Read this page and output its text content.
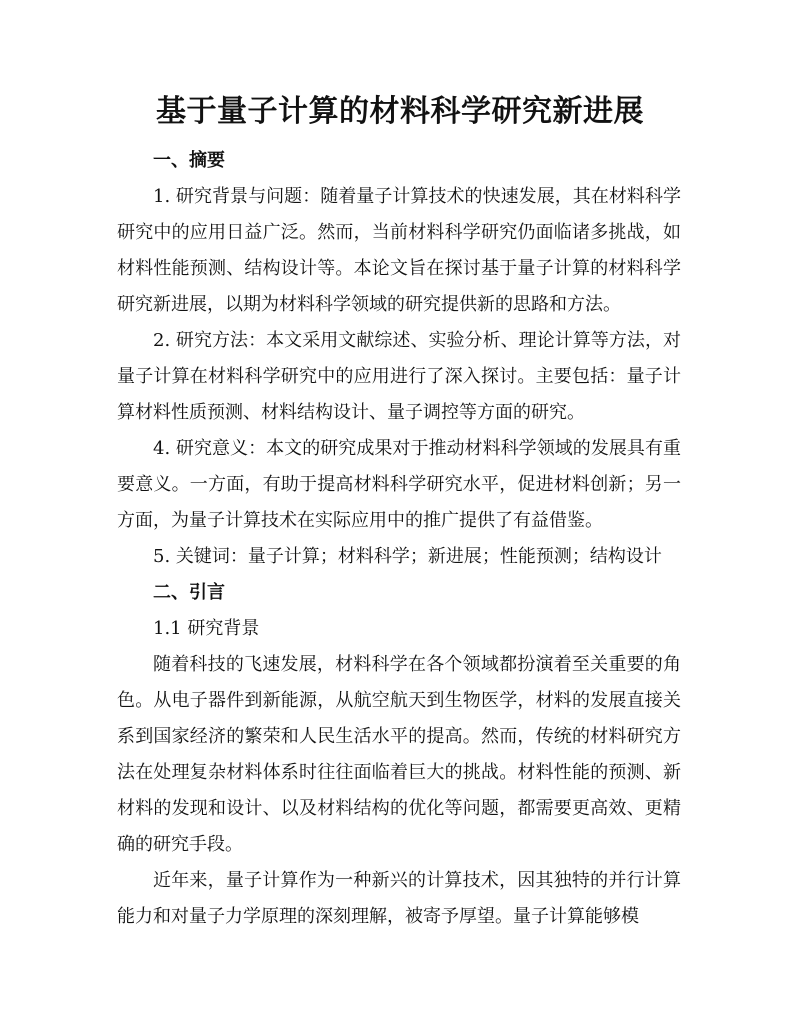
基于量子计算的材料科学研究新进展

一、摘要

1. 研究背景与问题：随着量子计算技术的快速发展，其在材料科学研究中的应用日益广泛。然而，当前材料科学研究仍面临诸多挑战，如材料性能预测、结构设计等。本论文旨在探讨基于量子计算的材料科学研究新进展，以期为材料科学领域的研究提供新的思路和方法。

2. 研究方法：本文采用文献综述、实验分析、理论计算等方法，对量子计算在材料科学研究中的应用进行了深入探讨。主要包括：量子计算材料性质预测、材料结构设计、量子调控等方面的研究。

4. 研究意义：本文的研究成果对于推动材料科学领域的发展具有重要意义。一方面，有助于提高材料科学研究水平，促进材料创新；另一方面，为量子计算技术在实际应用中的推广提供了有益借鉴。

5. 关键词：量子计算；材料科学；新进展；性能预测；结构设计

二、引言

1.1 研究背景

随着科技的飞速发展，材料科学在各个领域都扮演着至关重要的角色。从电子器件到新能源，从航空航天到生物医学，材料的发展直接关系到国家经济的繁荣和人民生活水平的提高。然而，传统的材料研究方法在处理复杂材料体系时往往面临着巨大的挑战。材料性能的预测、新材料的发现和设计、以及材料结构的优化等问题，都需要更高效、更精确的研究手段。

近年来，量子计算作为一种新兴的计算技术，因其独特的并行计算能力和对量子力学原理的深刻理解，被寄予厚望。量子计算能够模
